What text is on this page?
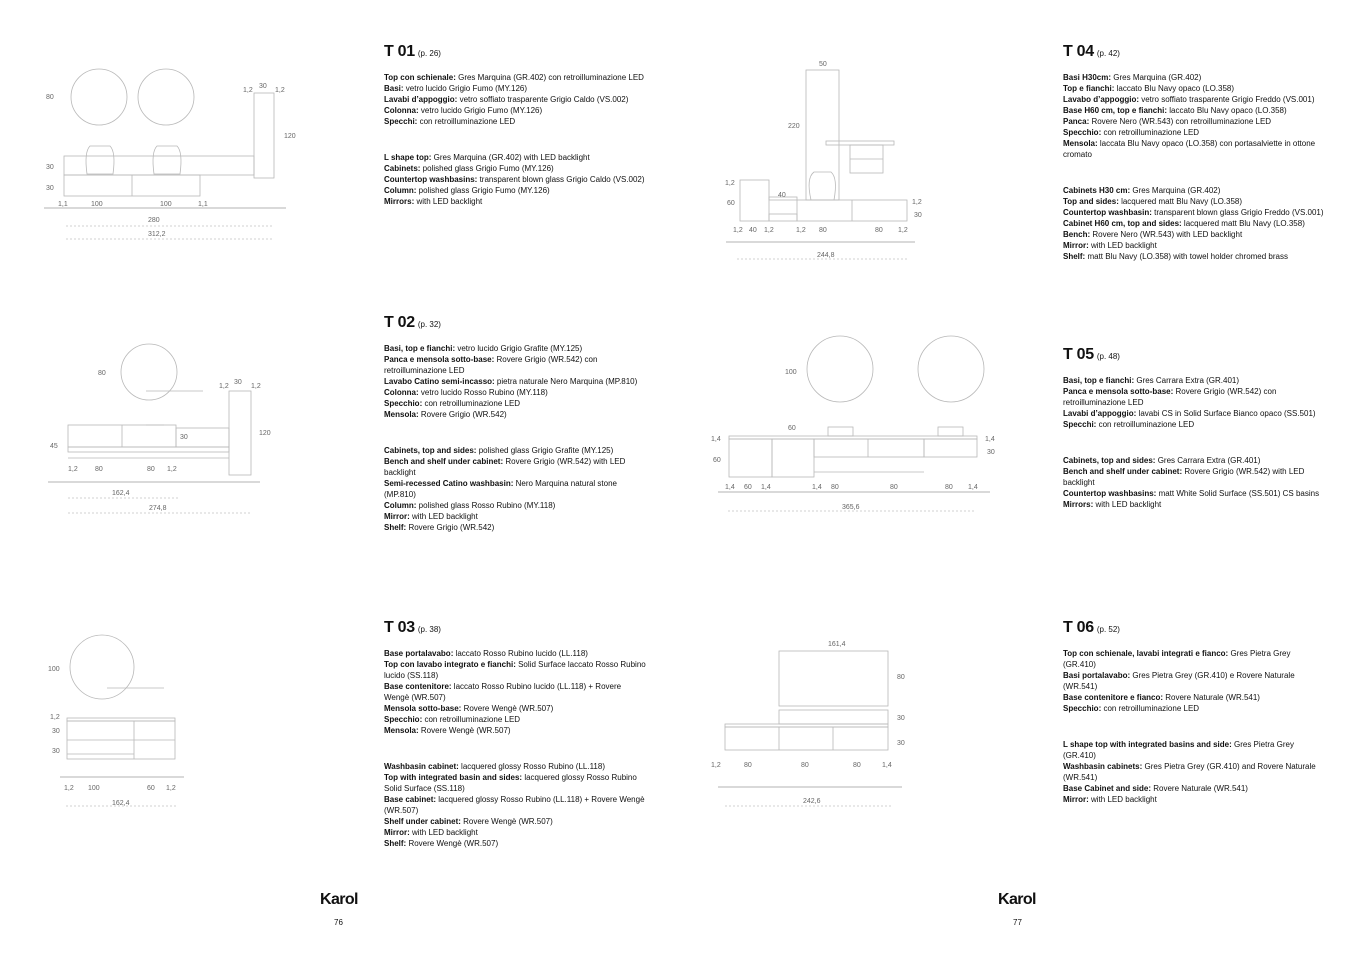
80
1,2
30
1,2
120
30
30
1,1	100	100	1,1
280
312,2
80
1,2
30
1,2
120
30
45
1,2 80	80 1,2
162,4
274,8
100
1,2
30
30
1,2 100	60 1,2
162,4
50
220
1,2
60
40
1,2
30
1,2 40 1,2	1,2 80	80 1,2
244,8
100
60
1,4	1,4
30
60
1,4 60 1,4	1,4 80	80	80 1,4
365,6
161,4
80
30
30
1,2	80	80	80	1,4
242,6
T 01 (p. 26)
Top con schienale: Gres Marquina (GR.402) con retroilluminazione LED
Basi: vetro lucido Grigio Fumo (MY.126)
Lavabi d’appoggio: vetro soffiato trasparente Grigio Caldo (VS.002)
Colonna: vetro lucido Grigio Fumo (MY.126)
Specchi: con retroilluminazione LED
L shape top: Gres Marquina (GR.402) with LED backlight
Cabinets: polished glass Grigio Fumo (MY.126)
Countertop washbasins: transparent blown glass Grigio Caldo (VS.002)
Column: polished glass Grigio Fumo (MY.126)
Mirrors: with LED backlight
T 02 (p. 32)
Basi, top e fianchi: vetro lucido Grigio Grafite (MY.125)
Panca e mensola sotto-base: Rovere Grigio (WR.542) con retroilluminazione LED
Lavabo Catino semi-incasso: pietra naturale Nero Marquina (MP.810)
Colonna: vetro lucido Rosso Rubino (MY.118)
Specchio: con retroilluminazione LED
Mensola: Rovere Grigio (WR.542)
Cabinets, top and sides: polished glass Grigio Grafite (MY.125)
Bench and shelf under cabinet: Rovere Grigio (WR.542) with LED backlight
Semi-recessed Catino washbasin: Nero Marquina natural stone (MP.810)
Column: polished glass Rosso Rubino (MY.118)
Mirror: with LED backlight
Shelf: Rovere Grigio (WR.542)
T 03 (p. 38)
Base portalavabo: laccato Rosso Rubino lucido (LL.118)
Top con lavabo integrato e fianchi: Solid Surface laccato Rosso Rubino lucido (SS.118)
Base contenitore: laccato Rosso Rubino lucido (LL.118) + Rovere Wengè (WR.507)
Mensola sotto-base: Rovere Wengè (WR.507)
Specchio: con retroilluminazione LED
Mensola: Rovere Wengè (WR.507)
Washbasin cabinet: lacquered glossy Rosso Rubino (LL.118)
Top with integrated basin and sides: lacquered glossy Rosso Rubino Solid Surface (SS.118)
Base cabinet: lacquered glossy Rosso Rubino (LL.118) + Rovere Wengè (WR.507)
Shelf under cabinet: Rovere Wengè (WR.507)
Mirror: with LED backlight
Shelf: Rovere Wengè (WR.507)
T 04 (p. 42)
Basi H30cm: Gres Marquina (GR.402)
Top e fianchi: laccato Blu Navy opaco (LO.358)
Lavabo d’appoggio: vetro soffiato trasparente Grigio Freddo (VS.001)
Base H60 cm, top e fianchi: laccato Blu Navy opaco (LO.358)
Panca: Rovere Nero (WR.543) con retroilluminazione LED
Specchio: con retroilluminazione LED
Mensola: laccata Blu Navy opaco (LO.358) con portasalviette in ottone cromato
Cabinets H30 cm: Gres Marquina (GR.402)
Top and sides: lacquered matt Blu Navy (LO.358)
Countertop washbasin: transparent blown glass Grigio Freddo (VS.001)
Cabinet H60 cm, top and sides: lacquered matt Blu Navy (LO.358)
Bench: Rovere Nero (WR.543) with LED backlight
Mirror: with LED backlight
Shelf: matt Blu Navy (LO.358) with towel holder chromed brass
T 05 (p. 48)
Basi, top e fianchi: Gres Carrara Extra (GR.401)
Panca e mensola sotto-base: Rovere Grigio (WR.542) con retroilluminazione LED
Lavabi d’appoggio: lavabi CS in Solid Surface Bianco opaco (SS.501)
Specchi: con retroilluminazione LED
Cabinets, top and sides: Gres Carrara Extra (GR.401)
Bench and shelf under cabinet: Rovere Grigio (WR.542) with LED backlight
Countertop washbasins: matt White Solid Surface (SS.501) CS basins
Mirrors: with LED backlight
T 06 (p. 52)
Top con schienale, lavabi integrati e fianco: Gres Pietra Grey (GR.410)
Basi portalavabo: Gres Pietra Grey (GR.410) e Rovere Naturale (WR.541)
Base contenitore e fianco: Rovere Naturale (WR.541)
Specchio: con retroilluminazione LED
L shape top with integrated basins and side: Gres Pietra Grey (GR.410)
Washbasin cabinets: Gres Pietra Grey (GR.410) and Rovere Naturale (WR.541)
Base Cabinet and side: Rovere Naturale (WR.541)
Mirror: with LED backlight
Karol
76
Karol
77
